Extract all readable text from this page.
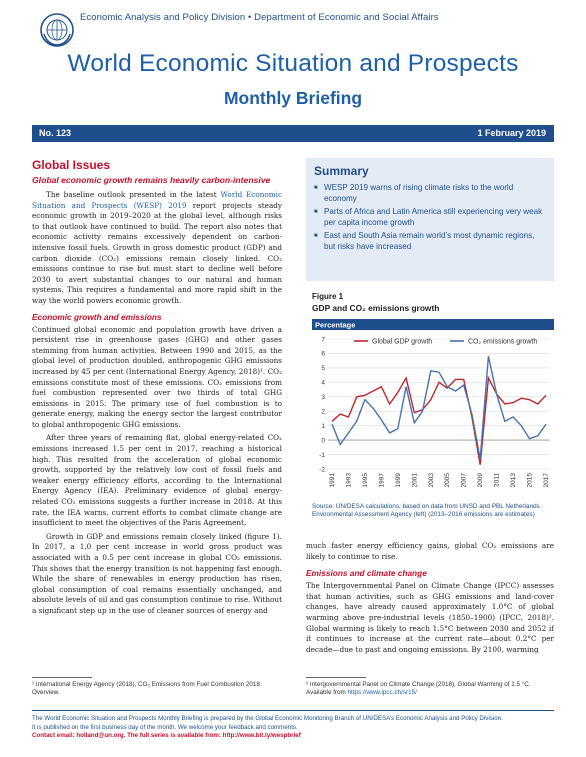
Economic Analysis and Policy Division • Department of Economic and Social Affairs
World Economic Situation and Prospects
Monthly Briefing
No. 123	1 February 2019
Global Issues
Global economic growth remains heavily carbon-intensive

The baseline outlook presented in the latest World Economic Situation and Prospects (WESP) 2019 report projects steady economic growth in 2019–2020 at the global level, although risks to that outlook have continued to build. The report also notes that economic activity remains excessively dependent on carbon-intensive fossil fuels. Growth in gross domestic product (GDP) and carbon dioxide (CO₂) emissions remain closely linked. CO₂ emissions continue to rise but must start to decline well before 2030 to avert substantial changes to our natural and human systems. This requires a fundamental and more rapid shift in the way the world powers economic growth.

Economic growth and emissions

Continued global economic and population growth have driven a persistent rise in greenhouse gases (GHG) and other gases stemming from human activities. Between 1990 and 2015, as the global level of production doubled, anthropogenic GHG emissions increased by 45 per cent (International Energy Agency, 2018)¹. CO₂ emissions constitute most of these emissions. CO₂ emissions from fuel combustion represented over two thirds of total GHG emissions in 2015. The primary use of fuel combustion is to generate energy, making the energy sector the largest contributor to global anthropogenic GHG emissions.

After three years of remaining flat, global energy-related CO₂ emissions increased 1.5 per cent in 2017, reaching a historical high. This resulted from the acceleration of global economic growth, supported by the relatively low cost of fossil fuels and weaker energy efficiency efforts, according to the International Energy Agency (IEA). Preliminary evidence of global energy-related CO₂ emissions suggests a further increase in 2018. At this rate, the IEA warns, current efforts to combat climate change are insufficient to meet the objectives of the Paris Agreement.

Growth in GDP and emissions remain closely linked (figure 1). In 2017, a 1.0 per cent increase in world gross product was associated with a 0.5 per cent increase in global CO₂ emissions. This shows that the energy transition is not happening fast enough. While the share of renewables in energy production has risen, global consumption of coal remains essentially unchanged, and absolute levels of oil and gas consumption continue to rise. Without a significant step up in the use of cleaner sources of energy and

Summary
■ WESP 2019 warns of rising climate risks to the world economy
■ Parts of Africa and Latin America still experiencing very weak per capita income growth
■ East and South Asia remain world’s most dynamic regions, but risks have increased
Figure 1
GDP and CO₂ emissions growth
Percentage
-2
-1
0
1
2
3
4
5
6
7
1991 1993 1995 1997 1999 2001 2003 2005 2007 2009 2011 2013 2015 2017
Global GDP growth	CO₂ emissions growth
Source: UN/DESA calculations, based on data from UNSD and PBL Netherlands Environmental Assessment Agency (left) (2013–2016 emissions are estimates)

much faster energy efficiency gains, global CO₂ emissions are likely to continue to rise.

Emissions and climate change

The Intergovernmental Panel on Climate Change (IPCC) assesses that human activities, such as GHG emissions and land-cover changes, have already caused approximately 1.0°C of global warming above pre-industrial levels (1850–1900) (IPCC, 2018)². Global warming is likely to reach 1.5°C between 2030 and 2052 if it continues to increase at the current rate—about 0.2°C per decade—due to past and ongoing emissions. By 2100, warming

¹ International Energy Agency (2018), CO₂ Emissions from Fuel Combustion 2018: Overview.
² Intergovernmental Panel on Climate Change (2018), Global Warming of 1.5 °C. Available from https://www.ipcc.ch/sr15/
The World Economic Situation and Prospects Monthly Briefing is prepared by the Global Economic Monitoring Branch of UN/DESA’s Economic Analysis and Policy Division.
It is published on the first business day of the month. We welcome your feedback and comments.
Contact email: holland@un.org. The full series is available from: http://www.bit.ly/wespbrief
